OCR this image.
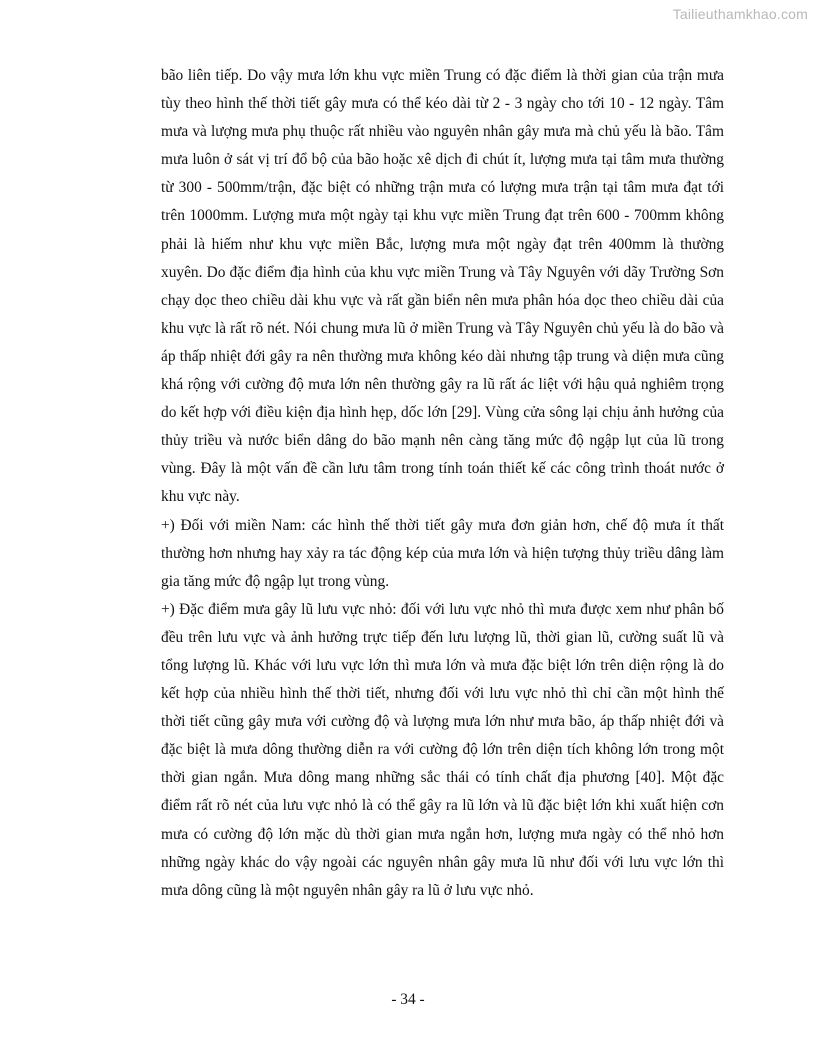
Tailieuthamkhao.com

bão liên tiếp. Do vậy mưa lớn khu vực miền Trung có đặc điểm là thời gian của trận mưa tùy theo hình thế thời tiết gây mưa có thể kéo dài từ 2 - 3 ngày cho tới 10 - 12 ngày. Tâm mưa và lượng mưa phụ thuộc rất nhiều vào nguyên nhân gây mưa mà chủ yếu là bão. Tâm mưa luôn ở sát vị trí đổ bộ của bão hoặc xê dịch đi chút ít, lượng mưa tại tâm mưa thường từ 300 - 500mm/trận, đặc biệt có những trận mưa có lượng mưa trận tại tâm mưa đạt tới trên 1000mm. Lượng mưa một ngày tại khu vực miền Trung đạt trên 600 - 700mm không phải là hiếm như khu vực miền Bắc, lượng mưa một ngày đạt trên 400mm là thường xuyên. Do đặc điểm địa hình của khu vực miền Trung và Tây Nguyên với dãy Trường Sơn chạy dọc theo chiều dài khu vực và rất gần biển nên mưa phân hóa dọc theo chiều dài của khu vực là rất rõ nét. Nói chung mưa lũ ở miền Trung và Tây Nguyên chủ yếu là do bão và áp thấp nhiệt đới gây ra nên thường mưa không kéo dài nhưng tập trung và diện mưa cũng khá rộng với cường độ mưa lớn nên thường gây ra lũ rất ác liệt với hậu quả nghiêm trọng do kết hợp với điều kiện địa hình hẹp, dốc lớn [29]. Vùng cửa sông lại chịu ảnh hưởng của thủy triều và nước biển dâng do bão mạnh nên càng tăng mức độ ngập lụt của lũ trong vùng. Đây là một vấn đề cần lưu tâm trong tính toán thiết kế các công trình thoát nước ở khu vực này.

+) Đối với miền Nam: các hình thế thời tiết gây mưa đơn giản hơn, chế độ mưa ít thất thường hơn nhưng hay xảy ra tác động kép của mưa lớn và hiện tượng thủy triều dâng làm gia tăng mức độ ngập lụt trong vùng.

+) Đặc điểm mưa gây lũ lưu vực nhỏ: đối với lưu vực nhỏ thì mưa được xem như phân bố đều trên lưu vực và ảnh hưởng trực tiếp đến lưu lượng lũ, thời gian lũ, cường suất lũ và tổng lượng lũ. Khác với lưu vực lớn thì mưa lớn và mưa đặc biệt lớn trên diện rộng là do kết hợp của nhiều hình thế thời tiết, nhưng đối với lưu vực nhỏ thì chỉ cần một hình thế thời tiết cũng gây mưa với cường độ và lượng mưa lớn như mưa bão, áp thấp nhiệt đới và đặc biệt là mưa dông thường diễn ra với cường độ lớn trên diện tích không lớn trong một thời gian ngắn. Mưa dông mang những sắc thái có tính chất địa phương [40]. Một đặc điểm rất rõ nét của lưu vực nhỏ là có thể gây ra lũ lớn và lũ đặc biệt lớn khi xuất hiện cơn mưa có cường độ lớn mặc dù thời gian mưa ngắn hơn, lượng mưa ngày có thể nhỏ hơn những ngày khác do vậy ngoài các nguyên nhân gây mưa lũ như đối với lưu vực lớn thì mưa dông cũng là một nguyên nhân gây ra lũ ở lưu vực nhỏ.

- 34 -
